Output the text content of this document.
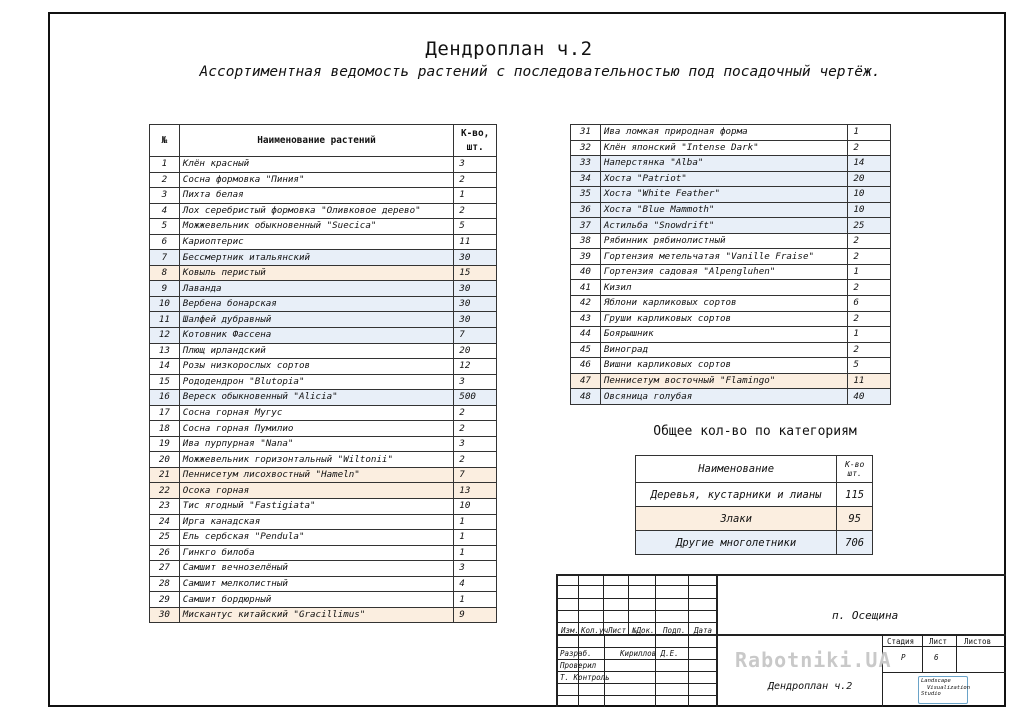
Дендроплан ч.2
Ассортиментная ведомость растений с последовательностью под посадочный чертёж.
№	Наименование растений	К-во, шт.
1	Клён красный	3
2	Сосна формовка "Пиния"	2
3	Пихта белая	1
4	Лох серебристый формовка "Оливковое дерево"	2
5	Можжевельник обыкновенный "Suecica"	5
6	Кариоптерис	11
7	Бессмертник итальянский	30
8	Ковыль перистый	15
9	Лаванда	30
10	Вербена бонарская	30
11	Шалфей дубравный	30
12	Котовник Фассена	7
13	Плющ ирландский	20
14	Розы низкорослых сортов	12
15	Рододендрон "Blutopia"	3
16	Вереск обыкновенный "Alicia"	500
17	Сосна горная Мугус	2
18	Сосна горная Пумилио	2
19	Ива пурпурная "Nana"	3
20	Можжевельник горизонтальный "Wiltonii"	2
21	Пеннисетум лисохвостный "Hameln"	7
22	Осока горная	13
23	Тис ягодный "Fastigiata"	10
24	Ирга канадская	1
25	Ель сербская "Pendula"	1
26	Гинкго билоба	1
27	Самшит вечнозелёный	3
28	Самшит мелколистный	4
29	Самшит бордюрный	1
30	Мискантус китайский "Gracillimus"	9
31	Ива ломкая природная форма	1
32	Клён японский "Intense Dark"	2
33	Наперстянка "Alba"	14
34	Хоста "Patriot"	20
35	Хоста "White Feather"	10
36	Хоста "Blue Mammoth"	10
37	Астильба "Snowdrift"	25
38	Рябинник рябинолистный	2
39	Гортензия метельчатая "Vanille Fraise"	2
40	Гортензия садовая "Alpengluhen"	1
41	Кизил	2
42	Яблони карликовых сортов	6
43	Груши карликовых сортов	2
44	Боярышник	1
45	Виноград	2
46	Вишни карликовых сортов	5
47	Пеннисетум восточный "Flamingo"	11
48	Овсяница голубая	40
Общее кол-во по категориям
Наименование	К-во шт.
Деревья, кустарники и лианы	115
Злаки	95
Другие многолетники	706
Изм. Кол.уч Лист №Док. Подп. Дата
Разраб.
Проверил
Т. Контроль
Кириллов Д.Е.
п. Осещина
Стадия Лист Листов
Р	6
Дендроплан ч.2
Rabotniki.UA
Landscape
Visualization
Studio
